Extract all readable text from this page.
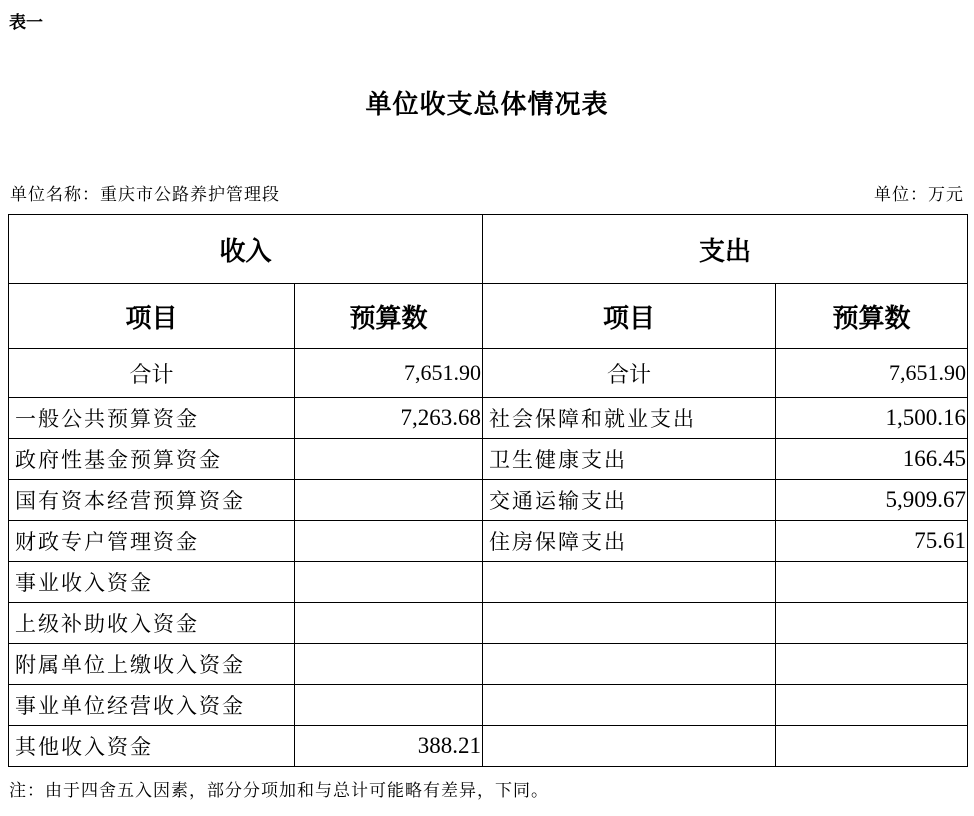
表一
单位收支总体情况表
单位名称：重庆市公路养护管理段	单位：万元
收入		支出	
项目	预算数	项目	预算数
合计	7,651.90	合计	7,651.90
一般公共预算资金	7,263.68	社会保障和就业支出	1,500.16
政府性基金预算资金		卫生健康支出	166.45
国有资本经营预算资金		交通运输支出	5,909.67
财政专户管理资金		住房保障支出	75.61
事业收入资金			
上级补助收入资金			
附属单位上缴收入资金			
事业单位经营收入资金			
其他收入资金	388.21		
注：由于四舍五入因素，部分分项加和与总计可能略有差异，下同。
